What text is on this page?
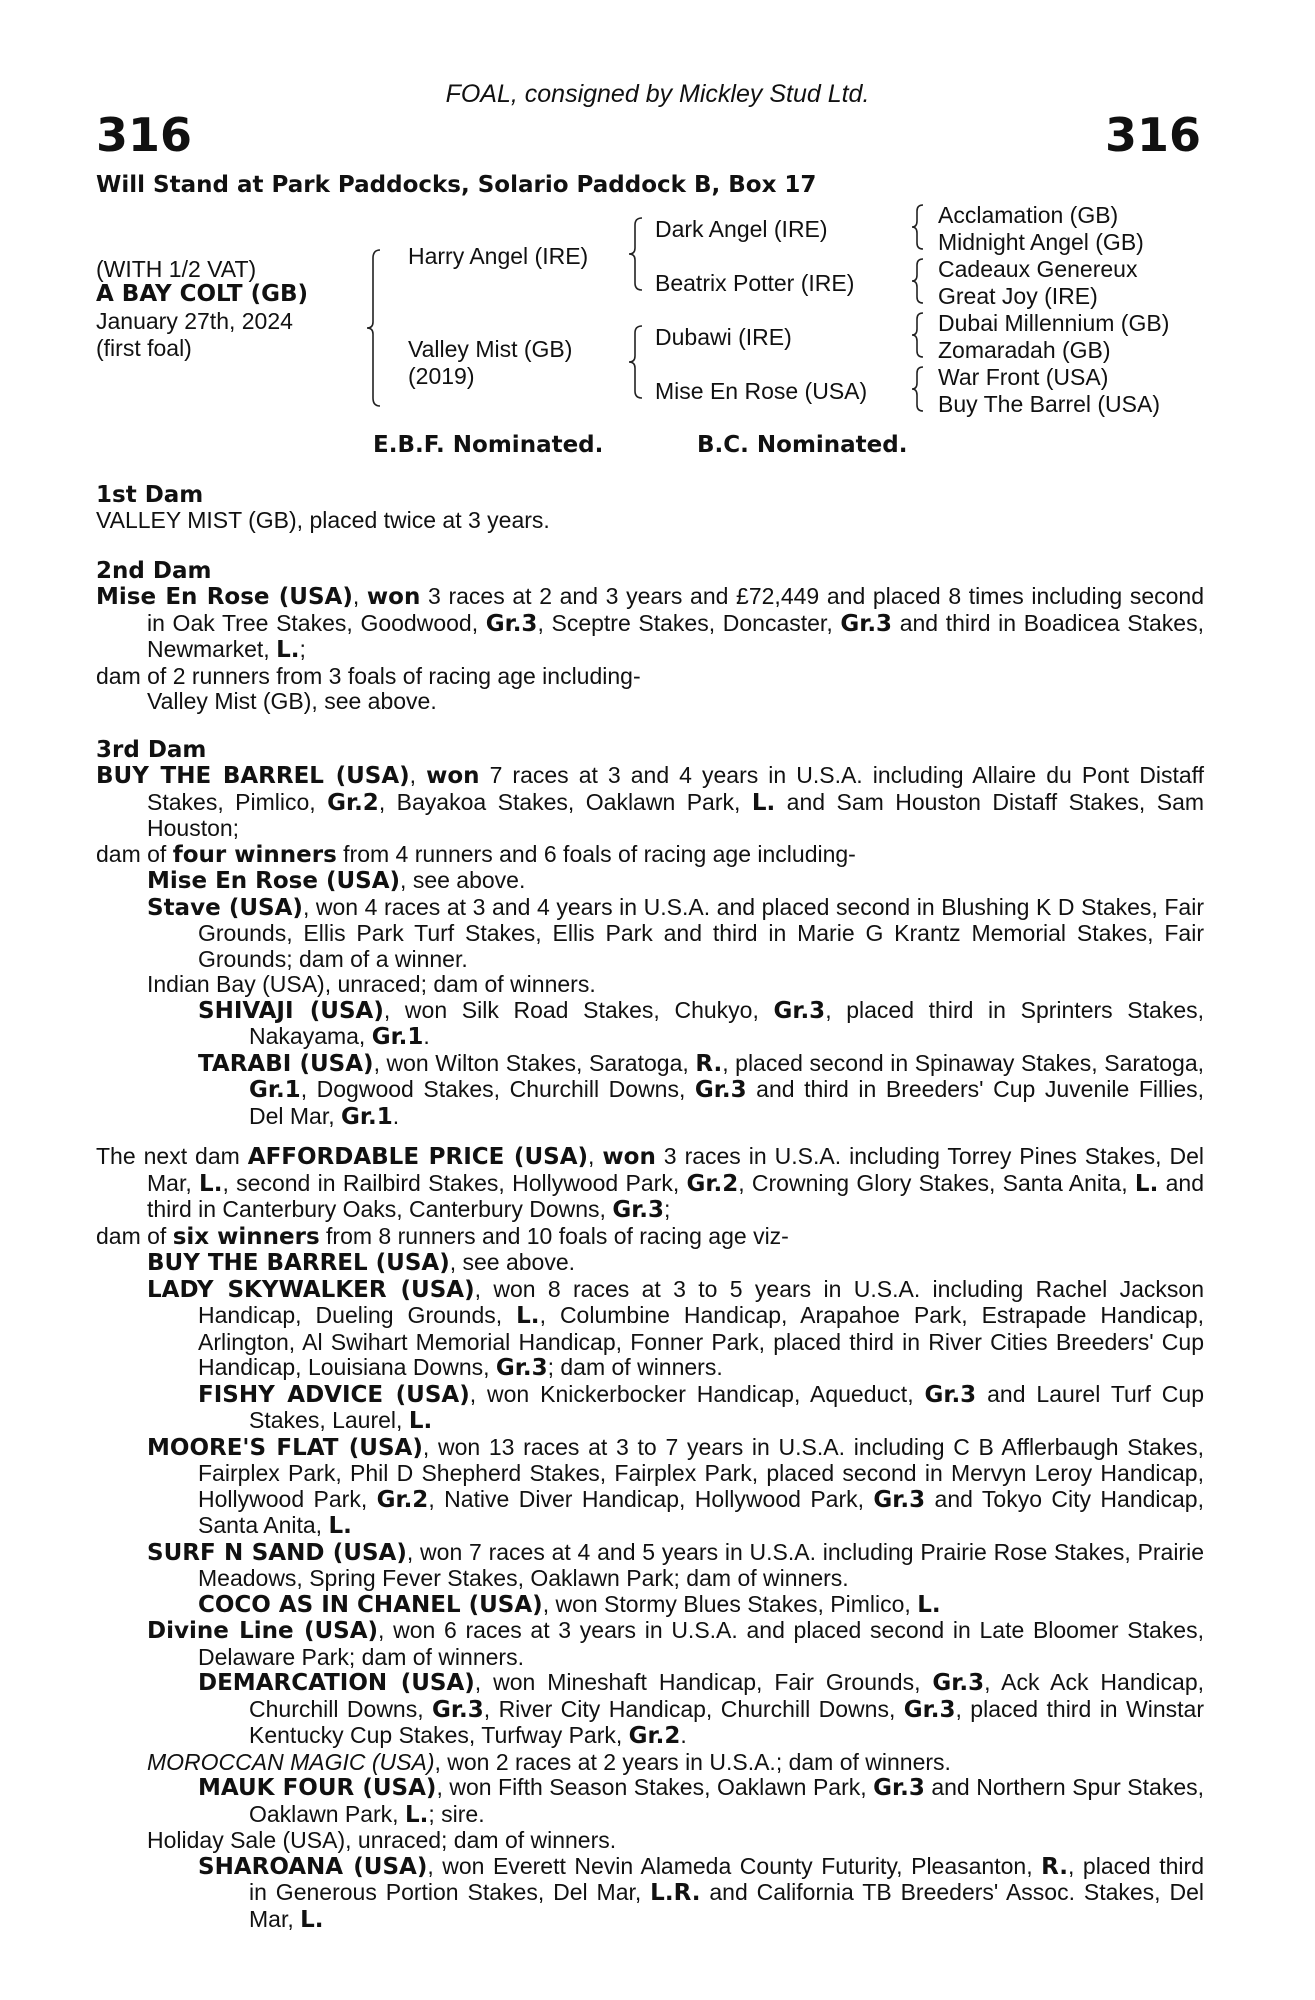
FOAL, consigned by Mickley Stud Ltd.
316	316
Will Stand at Park Paddocks, Solario Paddock B, Box 17
(WITH 1/2 VAT)
A BAY COLT (GB)
January 27th, 2024
(first foal)
Harry Angel (IRE)
Valley Mist (GB)
(2019)
Dark Angel (IRE)
Beatrix Potter (IRE)
Dubawi (IRE)
Mise En Rose (USA)
Acclamation (GB)
Midnight Angel (GB)
Cadeaux Genereux
Great Joy (IRE)
Dubai Millennium (GB)
Zomaradah (GB)
War Front (USA)
Buy The Barrel (USA)
E.B.F. Nominated.	B.C. Nominated.
1st Dam
VALLEY MIST (GB), placed twice at 3 years.
2nd Dam

Mise En Rose (USA), won 3 races at 2 and 3 years and £72,449 and placed 8 times including second in Oak Tree Stakes, Goodwood, Gr.3, Sceptre Stakes, Doncaster, Gr.3 and third in Boadicea Stakes, Newmarket, L.;

dam of 2 runners from 3 foals of racing age including-

Valley Mist (GB), see above.

3rd Dam

BUY THE BARREL (USA), won 7 races at 3 and 4 years in U.S.A. including Allaire du Pont Distaff Stakes, Pimlico, Gr.2, Bayakoa Stakes, Oaklawn Park, L. and Sam Houston Distaff Stakes, Sam Houston;

dam of four winners from 4 runners and 6 foals of racing age including-

Mise En Rose (USA), see above.

Stave (USA), won 4 races at 3 and 4 years in U.S.A. and placed second in Blushing K D Stakes, Fair Grounds, Ellis Park Turf Stakes, Ellis Park and third in Marie G Krantz Memorial Stakes, Fair Grounds; dam of a winner.

Indian Bay (USA), unraced; dam of winners.

SHIVAJI (USA), won Silk Road Stakes, Chukyo, Gr.3, placed third in Sprinters Stakes, Nakayama, Gr.1.

TARABI (USA), won Wilton Stakes, Saratoga, R., placed second in Spinaway Stakes, Saratoga, Gr.1, Dogwood Stakes, Churchill Downs, Gr.3 and third in Breeders' Cup Juvenile Fillies, Del Mar, Gr.1.

The next dam AFFORDABLE PRICE (USA), won 3 races in U.S.A. including Torrey Pines Stakes, Del Mar, L., second in Railbird Stakes, Hollywood Park, Gr.2, Crowning Glory Stakes, Santa Anita, L. and third in Canterbury Oaks, Canterbury Downs, Gr.3;

dam of six winners from 8 runners and 10 foals of racing age viz-

BUY THE BARREL (USA), see above.

LADY SKYWALKER (USA), won 8 races at 3 to 5 years in U.S.A. including Rachel Jackson Handicap, Dueling Grounds, L., Columbine Handicap, Arapahoe Park, Estrapade Handicap, Arlington, Al Swihart Memorial Handicap, Fonner Park, placed third in River Cities Breeders' Cup Handicap, Louisiana Downs, Gr.3; dam of winners.

FISHY ADVICE (USA), won Knickerbocker Handicap, Aqueduct, Gr.3 and Laurel Turf Cup Stakes, Laurel, L.

MOORE'S FLAT (USA), won 13 races at 3 to 7 years in U.S.A. including C B Afflerbaugh Stakes, Fairplex Park, Phil D Shepherd Stakes, Fairplex Park, placed second in Mervyn Leroy Handicap, Hollywood Park, Gr.2, Native Diver Handicap, Hollywood Park, Gr.3 and Tokyo City Handicap, Santa Anita, L.

SURF N SAND (USA), won 7 races at 4 and 5 years in U.S.A. including Prairie Rose Stakes, Prairie Meadows, Spring Fever Stakes, Oaklawn Park; dam of winners.

COCO AS IN CHANEL (USA), won Stormy Blues Stakes, Pimlico, L.

Divine Line (USA), won 6 races at 3 years in U.S.A. and placed second in Late Bloomer Stakes, Delaware Park; dam of winners.

DEMARCATION (USA), won Mineshaft Handicap, Fair Grounds, Gr.3, Ack Ack Handicap, Churchill Downs, Gr.3, River City Handicap, Churchill Downs, Gr.3, placed third in Winstar Kentucky Cup Stakes, Turfway Park, Gr.2.

MOROCCAN MAGIC (USA), won 2 races at 2 years in U.S.A.; dam of winners.

MAUK FOUR (USA), won Fifth Season Stakes, Oaklawn Park, Gr.3 and Northern Spur Stakes, Oaklawn Park, L.; sire.

Holiday Sale (USA), unraced; dam of winners.

SHAROANA (USA), won Everett Nevin Alameda County Futurity, Pleasanton, R., placed third in Generous Portion Stakes, Del Mar, L.R. and California TB Breeders' Assoc. Stakes, Del Mar, L.
